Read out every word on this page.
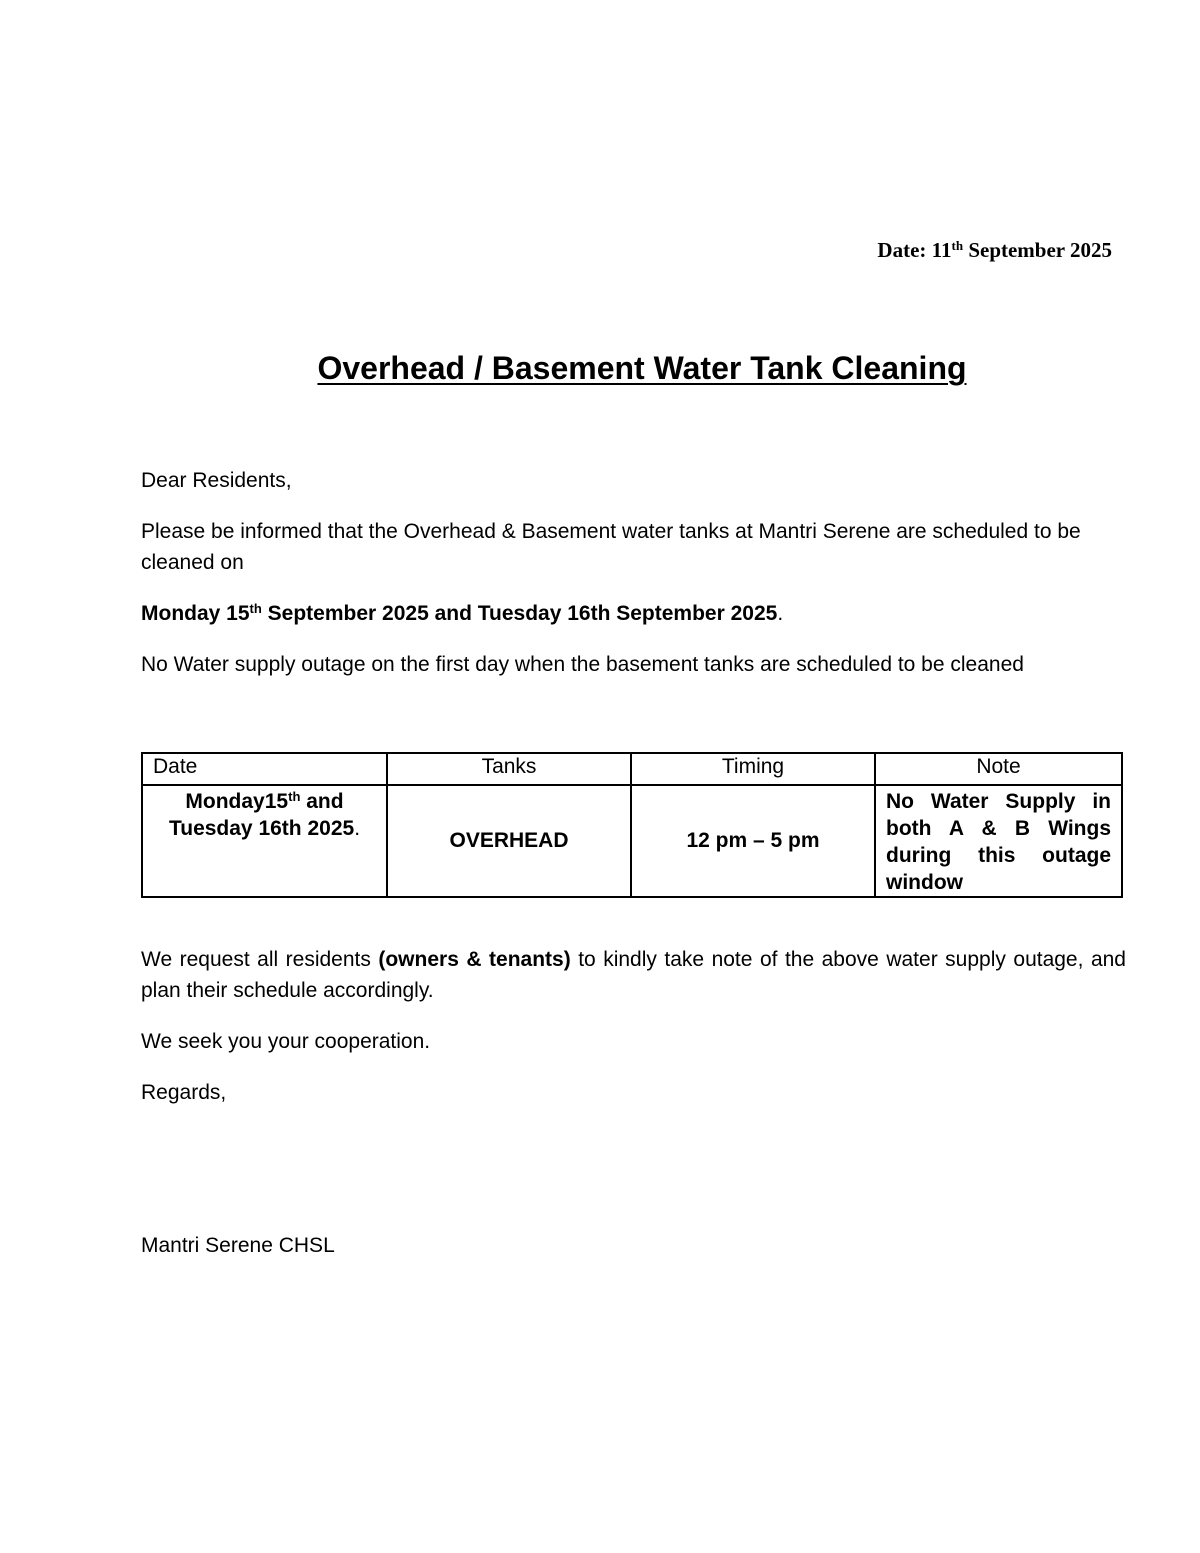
Date: 11th September 2025
Overhead / Basement Water Tank Cleaning
Dear Residents,
Please be informed that the Overhead & Basement water tanks at Mantri Serene are scheduled to be cleaned on
Monday 15th September 2025 and Tuesday 16th September 2025.
No Water supply outage on the first day when the basement tanks are scheduled to be cleaned
Date	Tanks	Timing	Note
Monday15th and Tuesday 16th 2025.	OVERHEAD	12 pm – 5 pm	No Water Supply in both A & B Wings during this outage window
We request all residents (owners & tenants) to kindly take note of the above water supply outage, and plan their schedule accordingly.
We seek you your cooperation.
Regards,
Mantri Serene CHSL
